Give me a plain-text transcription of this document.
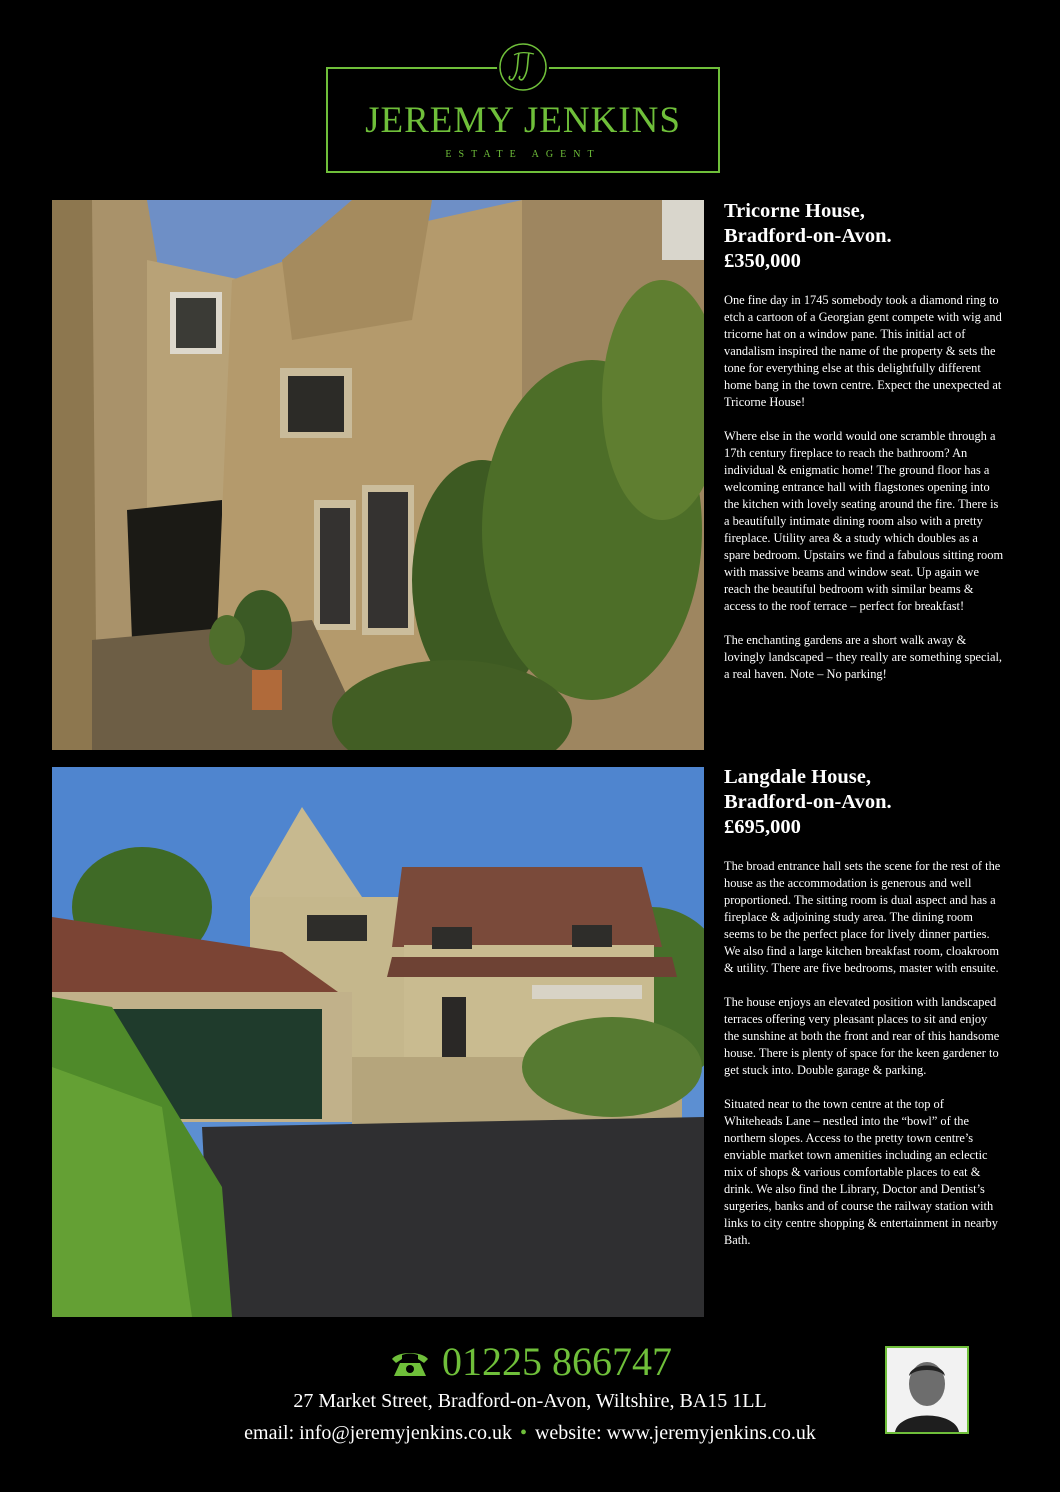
JEREMY JENKINS
ESTATE AGENT
Tricorne House,
Bradford-on-Avon.
£350,000

One fine day in 1745 somebody took a diamond ring to etch a cartoon of a Georgian gent compete with wig and tricorne hat on a window pane. This initial act of vandalism inspired the name of the property & sets the tone for everything else at this delightfully different home bang in the town centre. Expect the unexpected at Tricorne House!

Where else in the world would one scramble through a 17th century fireplace to reach the bathroom? An individual & enigmatic home! The ground floor has a welcoming entrance hall with flagstones opening into the kitchen with lovely seating around the fire. There is a beautifully intimate dining room also with a pretty fireplace. Utility area & a study which doubles as a spare bedroom. Upstairs we find a fabulous sitting room with massive beams and window seat. Up again we reach the beautiful bedroom with similar beams & access to the roof terrace – perfect for breakfast!

The enchanting gardens are a short walk away & lovingly landscaped – they really are something special, a real haven. Note – No parking!

Langdale House,
Bradford-on-Avon.
£695,000

The broad entrance hall sets the scene for the rest of the house as the accommodation is generous and well proportioned. The sitting room is dual aspect and has a fireplace & adjoining study area. The dining room seems to be the perfect place for lively dinner parties. We also find a large kitchen breakfast room, cloakroom & utility. There are five bedrooms, master with ensuite.

The house enjoys an elevated position with landscaped terraces offering very pleasant places to sit and enjoy the sunshine at both the front and rear of this handsome house. There is plenty of space for the keen gardener to get stuck into. Double garage & parking.

Situated near to the town centre at the top of Whiteheads Lane – nestled into the “bowl” of the northern slopes. Access to the pretty town centre’s enviable market town amenities including an eclectic mix of shops & various comfortable places to eat & drink. We also find the Library, Doctor and Dentist’s surgeries, banks and of course the railway station with links to city centre shopping & entertainment in nearby Bath.

01225 866747
27 Market Street, Bradford-on-Avon, Wiltshire, BA15 1LL
email: info@jeremyjenkins.co.uk • website: www.jeremyjenkins.co.uk
